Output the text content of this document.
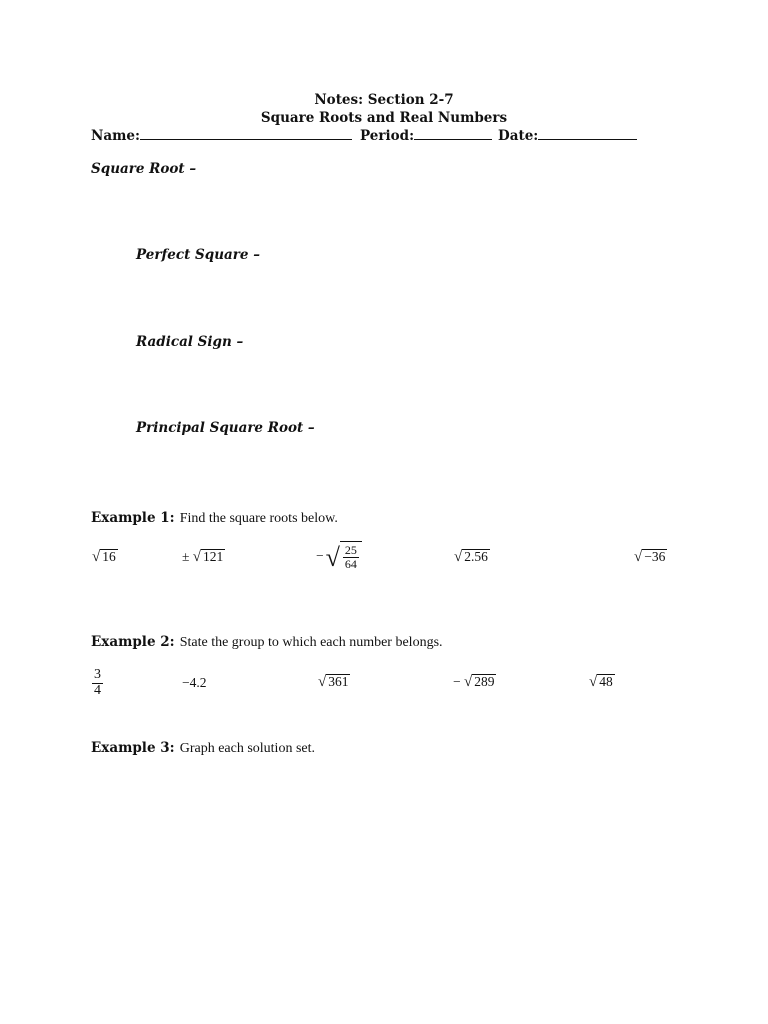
Notes: Section 2-7
Square Roots and Real Numbers
Name:	Period:	Date:
Square Root –
Perfect Square –
Radical Sign –
Principal Square Root –
Example 1: Find the square roots below.
√ 16	± √ 121	− √ $\frac{25}{64}$	√ 2.56	√ −36
Example 2: State the group to which each number belongs.
$\frac{3}{4}$	−4.2	√ 361	− √ 289	√ 48
Example 3: Graph each solution set.
